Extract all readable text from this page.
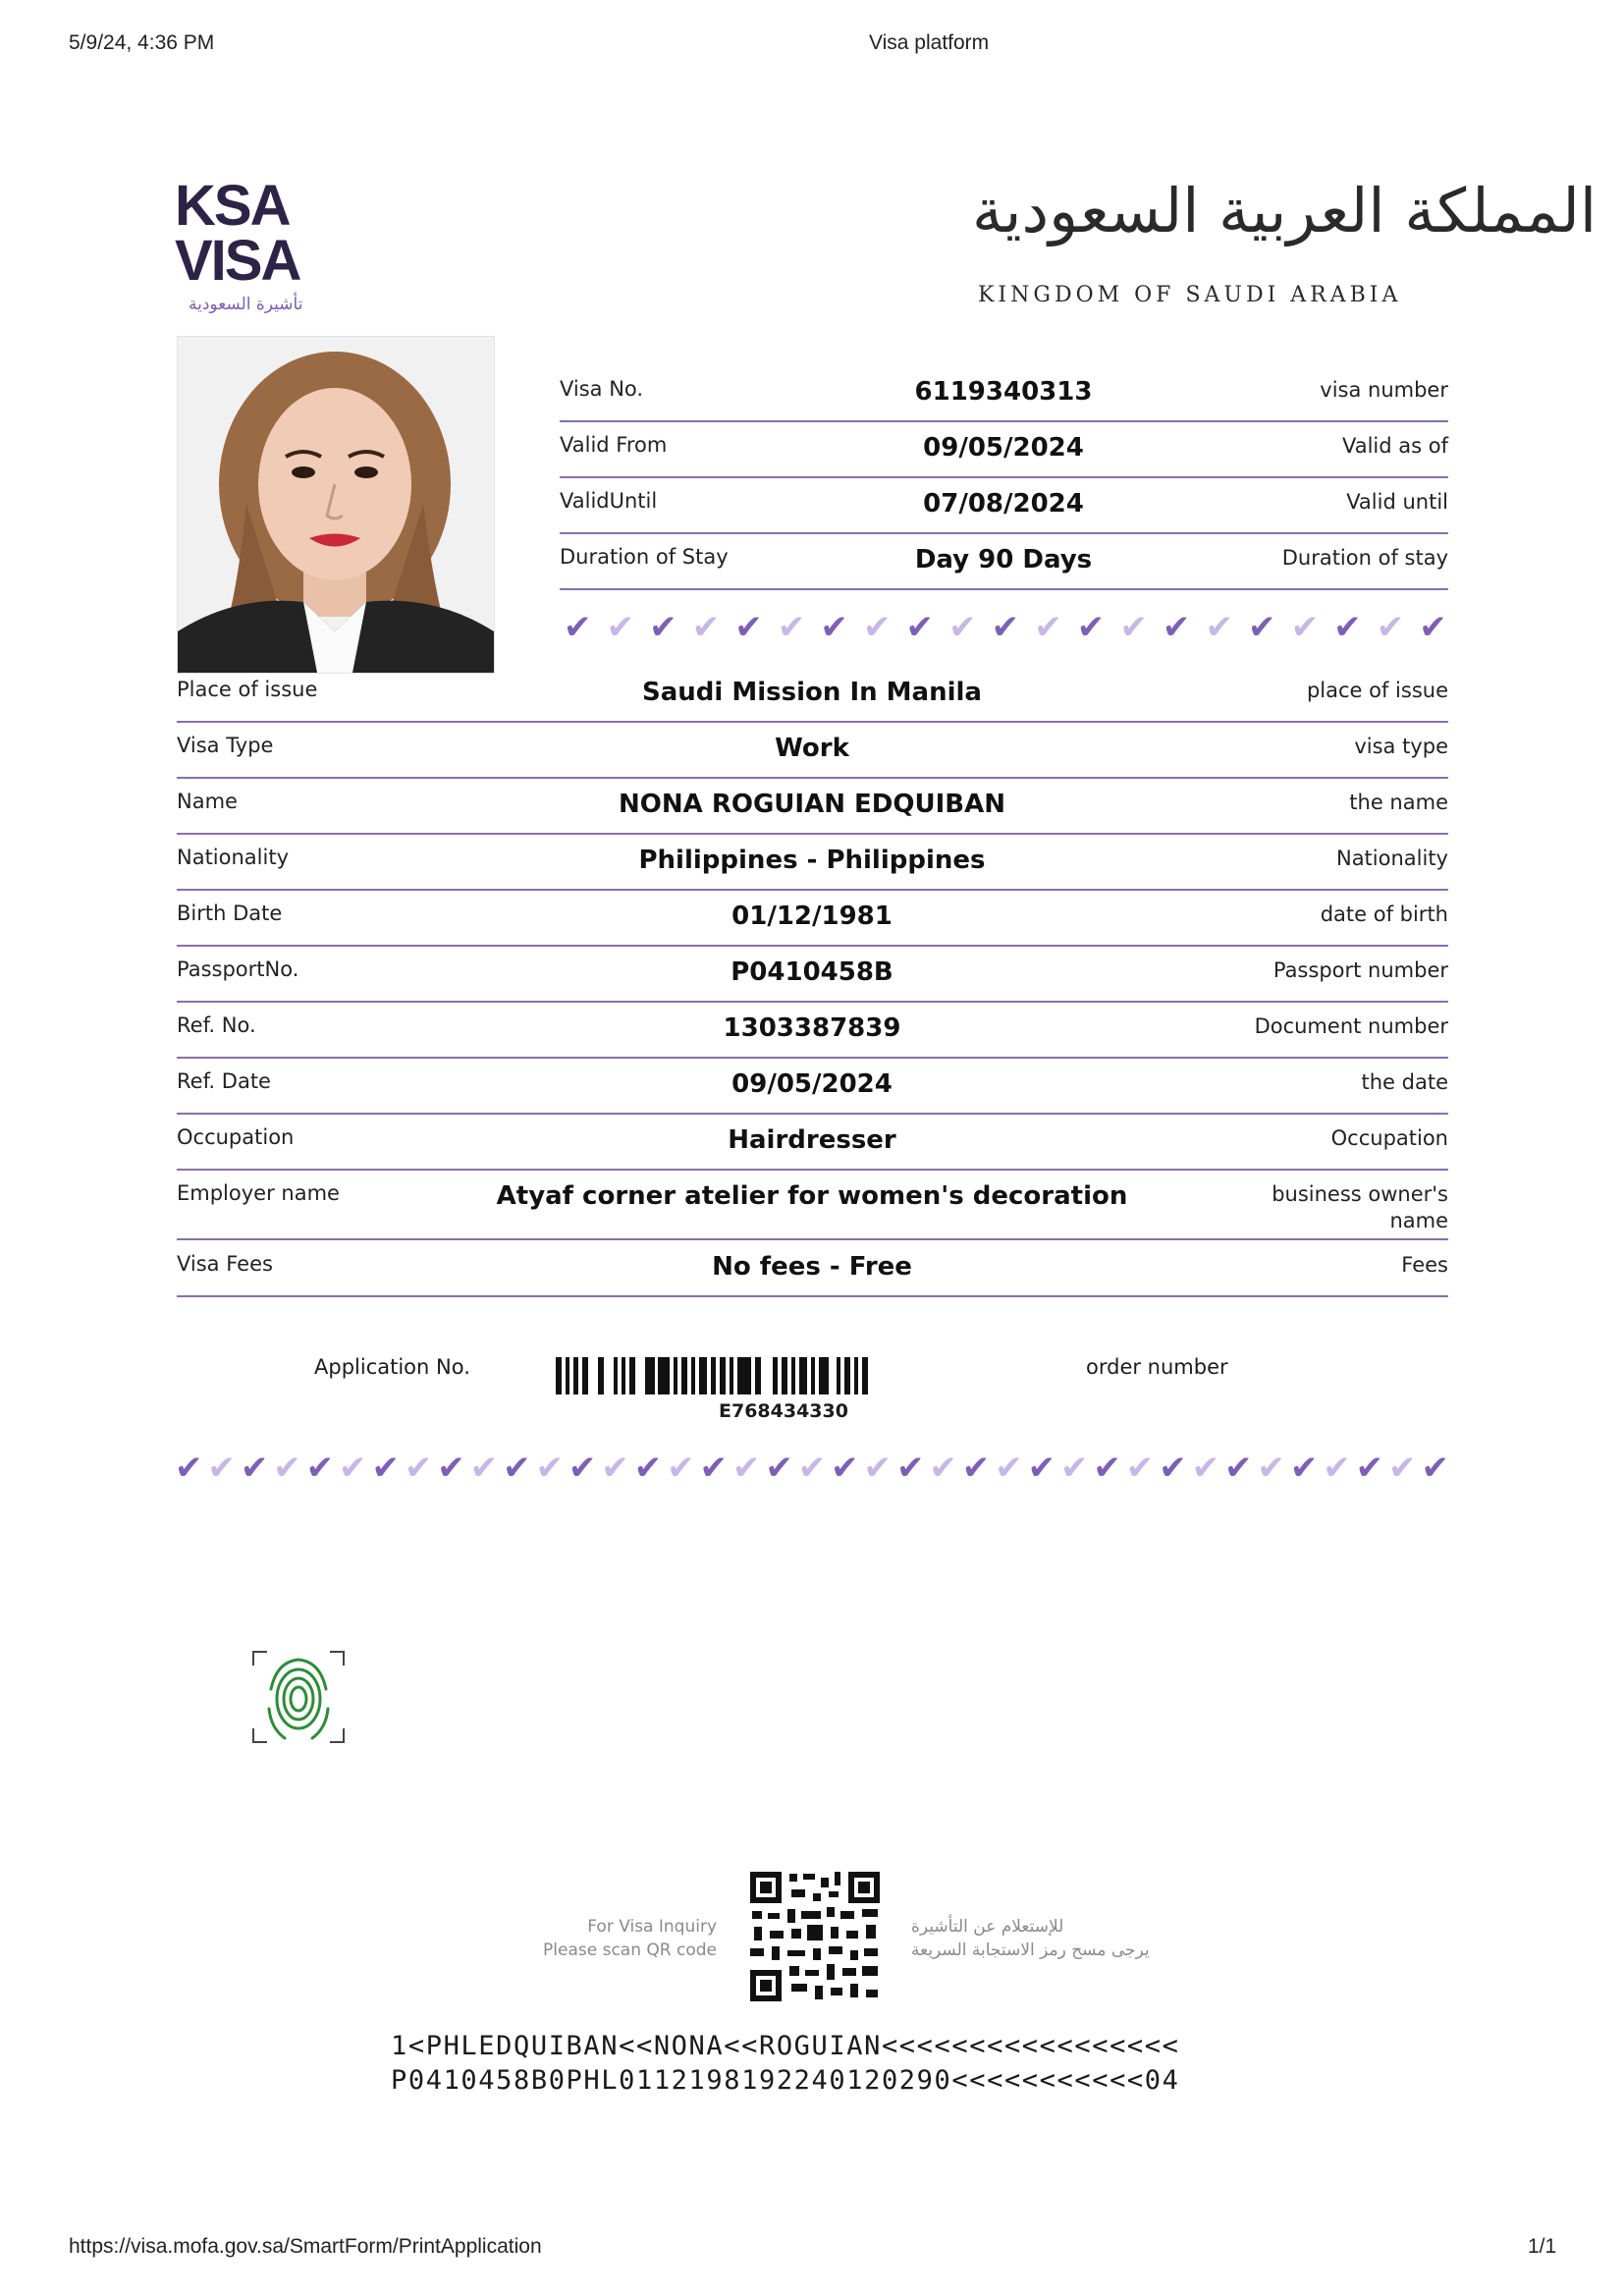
5/9/24, 4:36 PM	Visa platform
KSA
VISA
تأشيرة السعودية
المملكة العربية السعودية
KINGDOM OF SAUDI ARABIA
Visa No.	6119340313	visa number
Valid From	09/05/2024	Valid as of
ValidUntil	07/08/2024	Valid until
Duration of Stay	Day 90 Days	Duration of stay
✔ ✔ ✔ ✔ ✔ ✔ ✔ ✔ ✔ ✔ ✔ ✔ ✔ ✔ ✔ ✔ ✔ ✔ ✔ ✔ ✔
Place of issue	Saudi Mission In Manila	place of issue
Visa Type	Work	visa type
Name	NONA ROGUIAN EDQUIBAN	the name
Nationality	Philippines - Philippines	Nationality
Birth Date	01/12/1981	date of birth
PassportNo.	P0410458B	Passport number
Ref. No.	1303387839	Document number
Ref. Date	09/05/2024	the date
Occupation	Hairdresser	Occupation
Employer name	Atyaf corner atelier for women's decoration	business owner's name
Visa Fees	No fees - Free	Fees
Application No.
E768434330
order number
✔ ✔ ✔ ✔ ✔ ✔ ✔ ✔ ✔ ✔ ✔ ✔ ✔ ✔ ✔ ✔ ✔ ✔ ✔ ✔ ✔ ✔ ✔ ✔ ✔ ✔ ✔ ✔ ✔ ✔ ✔ ✔ ✔ ✔ ✔ ✔ ✔ ✔ ✔
For Visa Inquiry
Please scan QR code
للإستعلام عن التأشيرة
يرجى مسح رمز الاستجابة السريعة
1<PHLEDQUIBAN<<NONA<<ROGUIAN<<<<<<<<<<<<<<<<<
P0410458B0PHL0112198192240120290<<<<<<<<<<<04
https://visa.mofa.gov.sa/SmartForm/PrintApplication	1/1
